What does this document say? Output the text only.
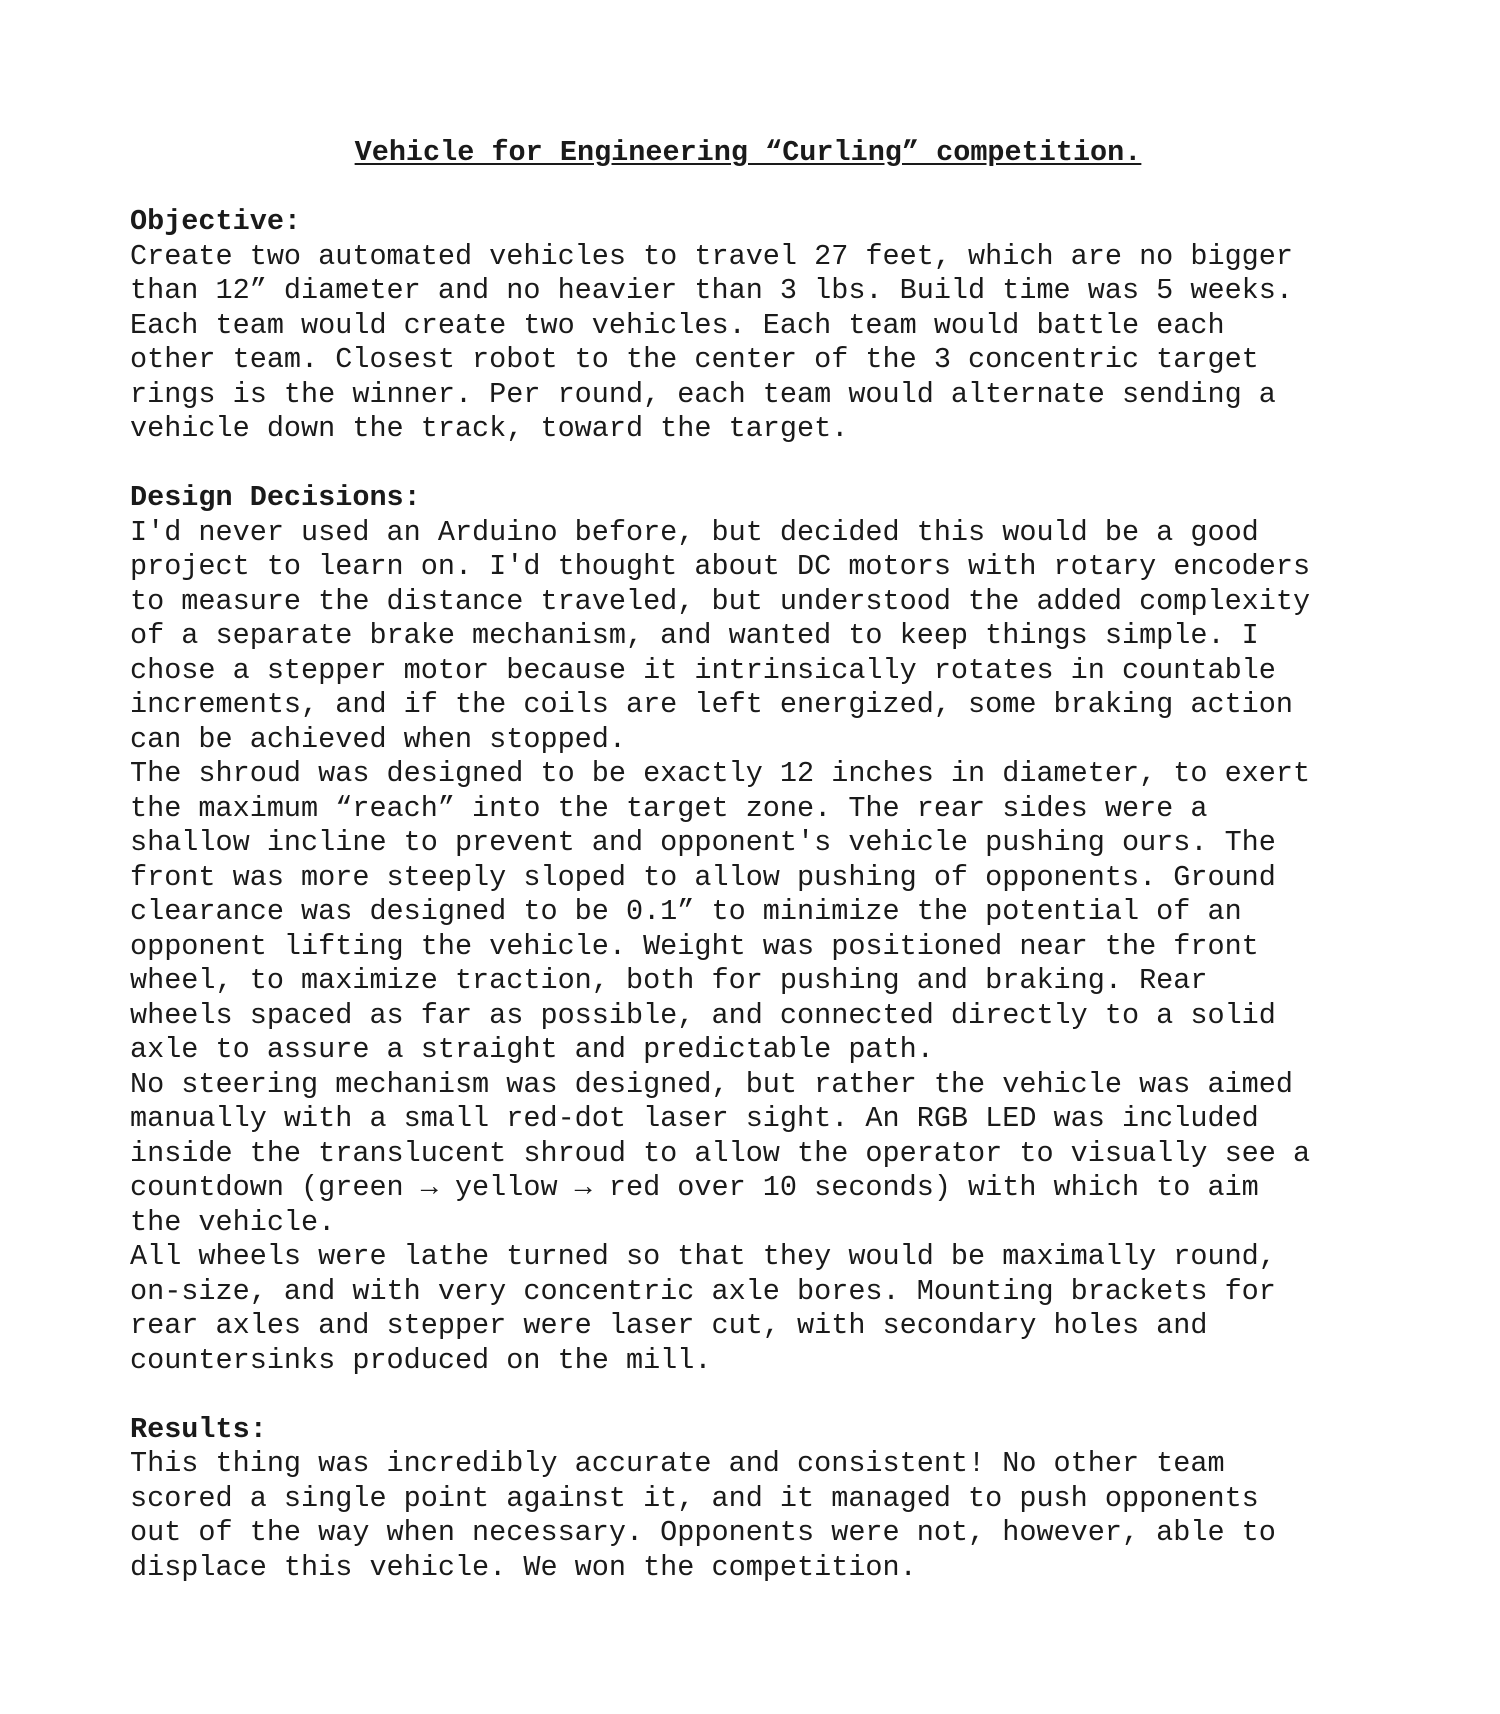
Vehicle for Engineering “Curling” competition.
Objective:
Create two automated vehicles to travel 27 feet, which are no bigger
than 12” diameter and no heavier than 3 lbs. Build time was 5 weeks.
Each team would create two vehicles. Each team would battle each
other team. Closest robot to the center of the 3 concentric target
rings is the winner. Per round, each team would alternate sending a
vehicle down the track, toward the target.
Design Decisions:
I'd never used an Arduino before, but decided this would be a good
project to learn on. I'd thought about DC motors with rotary encoders
to measure the distance traveled, but understood the added complexity
of a separate brake mechanism, and wanted to keep things simple. I
chose a stepper motor because it intrinsically rotates in countable
increments, and if the coils are left energized, some braking action
can be achieved when stopped.
The shroud was designed to be exactly 12 inches in diameter, to exert
the maximum “reach” into the target zone. The rear sides were a
shallow incline to prevent and opponent's vehicle pushing ours. The
front was more steeply sloped to allow pushing of opponents. Ground
clearance was designed to be 0.1” to minimize the potential of an
opponent lifting the vehicle. Weight was positioned near the front
wheel, to maximize traction, both for pushing and braking. Rear
wheels spaced as far as possible, and connected directly to a solid
axle to assure a straight and predictable path.
No steering mechanism was designed, but rather the vehicle was aimed
manually with a small red-dot laser sight. An RGB LED was included
inside the translucent shroud to allow the operator to visually see a
countdown (green → yellow → red over 10 seconds) with which to aim
the vehicle.
All wheels were lathe turned so that they would be maximally round,
on-size, and with very concentric axle bores. Mounting brackets for
rear axles and stepper were laser cut, with secondary holes and
countersinks produced on the mill.
Results:
This thing was incredibly accurate and consistent! No other team
scored a single point against it, and it managed to push opponents
out of the way when necessary. Opponents were not, however, able to
displace this vehicle. We won the competition.
